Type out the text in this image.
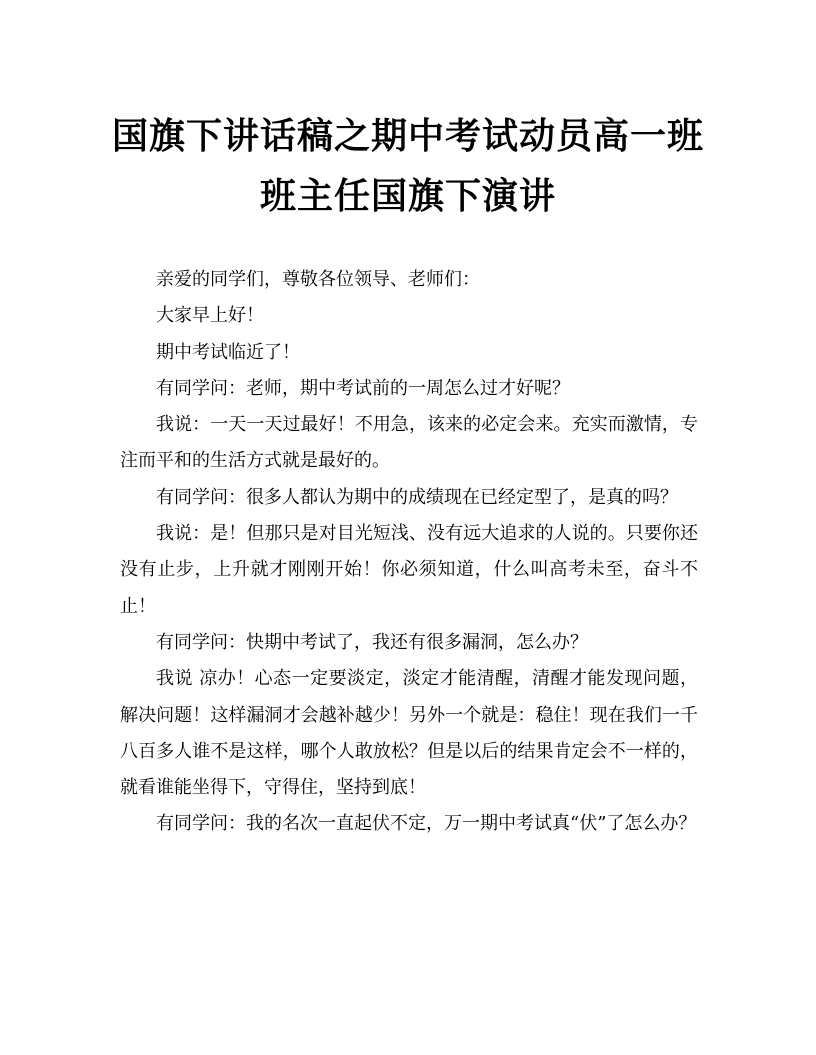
国旗下讲话稿之期中考试动员高一班
班主任国旗下演讲

亲爱的同学们，尊敬各位领导、老师们：

大家早上好！

期中考试临近了！

有同学问：老师，期中考试前的一周怎么过才好呢？

我说：一天一天过最好！不用急，该来的必定会来。充实而激情，专注而平和的生活方式就是最好的。

有同学问：很多人都认为期中的成绩现在已经定型了，是真的吗？

我说：是！但那只是对目光短浅、没有远大追求的人说的。只要你还没有止步，上升就才刚刚开始！你必须知道，什么叫高考未至，奋斗不止！

有同学问：快期中考试了，我还有很多漏洞，怎么办？

我说 凉办！心态一定要淡定，淡定才能清醒，清醒才能发现问题，解决问题！这样漏洞才会越补越少！另外一个就是：稳住！现在我们一千八百多人谁不是这样，哪个人敢放松？但是以后的结果肯定会不一样的，就看谁能坐得下，守得住，坚持到底！

有同学问：我的名次一直起伏不定，万一期中考试真“伏”了怎么办？
